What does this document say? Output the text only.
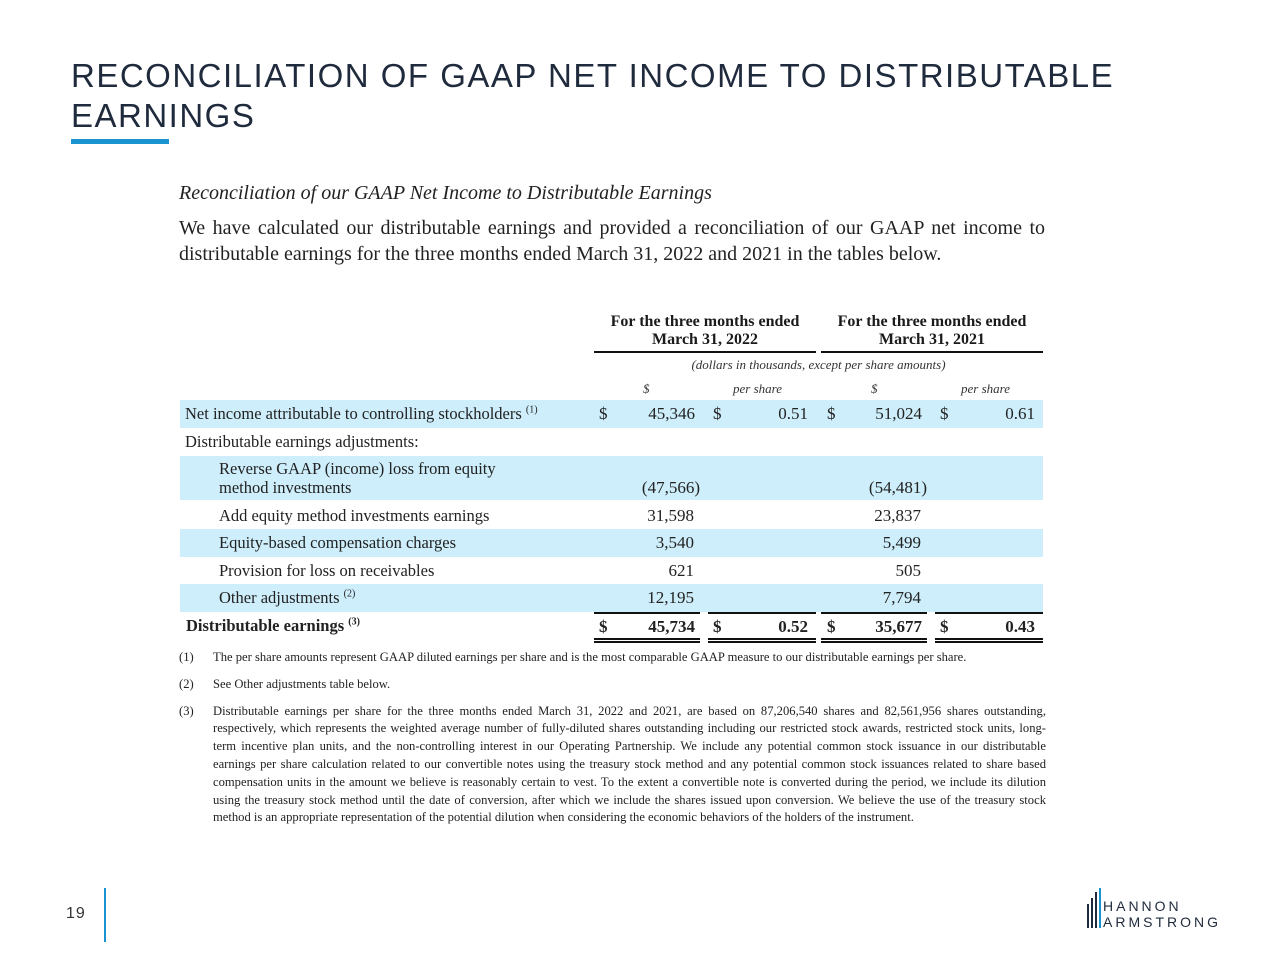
RECONCILIATION OF GAAP NET INCOME TO DISTRIBUTABLE EARNINGS
Reconciliation of our GAAP Net Income to Distributable Earnings
We have calculated our distributable earnings and provided a reconciliation of our GAAP net income to distributable earnings for the three months ended March 31, 2022 and 2021 in the tables below.
For the three months ended March 31, 2022
For the three months ended March 31, 2021
(dollars in thousands, except per share amounts)
$	per share	$	per share
Net income attributable to controlling stockholders $^{(1)}$	$	45,346 $	0.51 $	51,024 $	0.61
Distributable earnings adjustments:
Reverse GAAP (income) loss from equity
method investments	(47,566)	(54,481)
Add equity method investments earnings	31,598	23,837
Equity-based compensation charges	3,540	5,499
Provision for loss on receivables	621	505
Other adjustments $^{(2)}$	12,195	7,794
Distributable earnings $^{(3)}$	$	45,734 $	0.52 $	35,677 $	0.43
(1) The per share amounts represent GAAP diluted earnings per share and is the most comparable GAAP measure to our distributable earnings per share.
(2) See Other adjustments table below.
(3) Distributable earnings per share for the three months ended March 31, 2022 and 2021, are based on 87,206,540 shares and 82,561,956 shares outstanding, respectively, which represents the weighted average number of fully-diluted shares outstanding including our restricted stock awards, restricted stock units, long-term incentive plan units, and the non-controlling interest in our Operating Partnership. We include any potential common stock issuance in our distributable earnings per share calculation related to our convertible notes using the treasury stock method and any potential common stock issuances related to share based compensation units in the amount we believe is reasonably certain to vest. To the extent a convertible note is converted during the period, we include its dilution using the treasury stock method until the date of conversion, after which we include the shares issued upon conversion. We believe the use of the treasury stock method is an appropriate representation of the potential dilution when considering the economic behaviors of the holders of the instrument.
19	HANNON
ARMSTRONG
